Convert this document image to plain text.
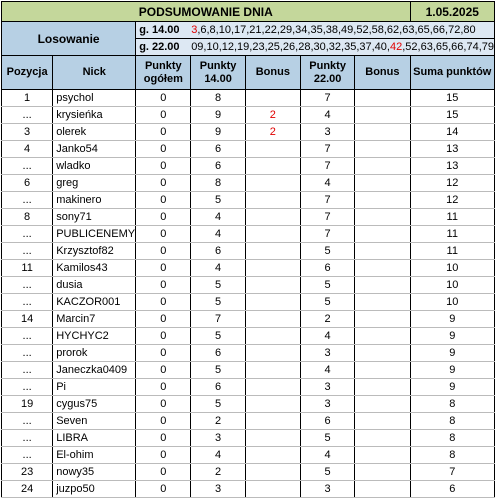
PODSUMOWANIE DNIA							1.05.2025
Losowanie		g. 14.00 3,6,8,10,17,21,22,29,34,35,38,49,52,58,62,63,65,66,72,80					
		g. 22.00 09,10,12,19,23,25,26,28,30,32,35,37,40,42,52,63,65,66,74,79					
Pozycja	Nick	Punkty ogółem	Punkty 14.00	Bonus	Punkty 22.00	Bonus	Suma punktów
1	psychol	0	8		7		15
...	krysieńka	0	9	2	4		15
3	olerek	0	9	2	3		14
4	Janko54	0	6		7		13
...	wladko	0	6		7		13
6	greg	0	8		4		12
...	makinero	0	5		7		12
8	sony71	0	4		7		11
...	PUBLICENEMY	0	4		7		11
...	Krzysztof82	0	6		5		11
11	Kamilos43	0	4		6		10
...	dusia	0	5		5		10
...	KACZOR001	0	5		5		10
14	Marcin7	0	7		2		9
...	HYCHYC2	0	5		4		9
...	prorok	0	6		3		9
...	Janeczka0409	0	5		4		9
...	Pi	0	6		3		9
19	cygus75	0	5		3		8
...	Seven	0	2		6		8
...	LIBRA	0	3		5		8
...	El-ohim	0	4		4		8
23	nowy35	0	2		5		7
24	juzpo50	0	3		3		6
